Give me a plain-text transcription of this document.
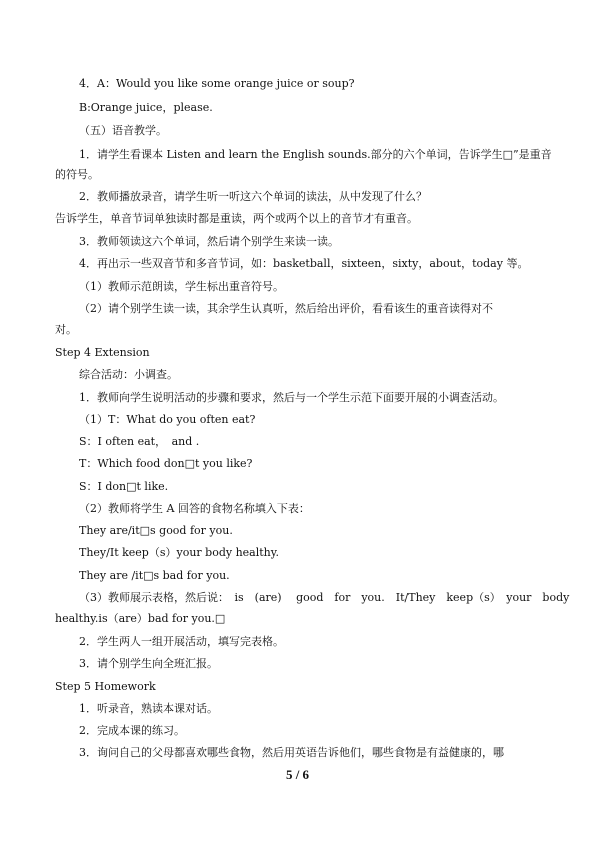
4．A：Would you like some orange juice or soup?
B:Orange juice，please.
（五）语音教学。
1．请学生看课本 Listen and learn the English sounds.部分的六个单词，告诉学生□”是重音
的符号。
2．教师播放录音，请学生听一听这六个单词的读法，从中发现了什么？
告诉学生，单音节词单独读时都是重读，两个或两个以上的音节才有重音。
3．教师领读这六个单词，然后请个别学生来读一读。
4．再出示一些双音节和多音节词，如：basketball，sixteen，sixty，about，today 等。
（1）教师示范朗读，学生标出重音符号。
（2）请个别学生读一读，其余学生认真听，然后给出评价，看看该生的重音读得对不
对。
Step 4 Extension
综合活动：小调查。
1．教师向学生说明活动的步骤和要求，然后与一个学生示范下面要开展的小调查活动。
（1）T：What do you often eat?
S：I often eat，　and .
T：Which food don□t you like?
S：I don□t like.
（2）教师将学生 A 回答的食物名称填入下表：
They are/it□s good for you.
They/It keep（s）your body healthy.
They are /it□s bad for you.
（3）教师展示表格，然后说：　is　(are)　 good　for　you.　It/They　keep（s）　your　body
healthy.is（are）bad for you.□
2．学生两人一组开展活动，填写完表格。
3．请个别学生向全班汇报。
Step 5 Homework
1．听录音，熟读本课对话。
2．完成本课的练习。
3．询问自己的父母都喜欢哪些食物，然后用英语告诉他们，哪些食物是有益健康的，哪
5 / 6
